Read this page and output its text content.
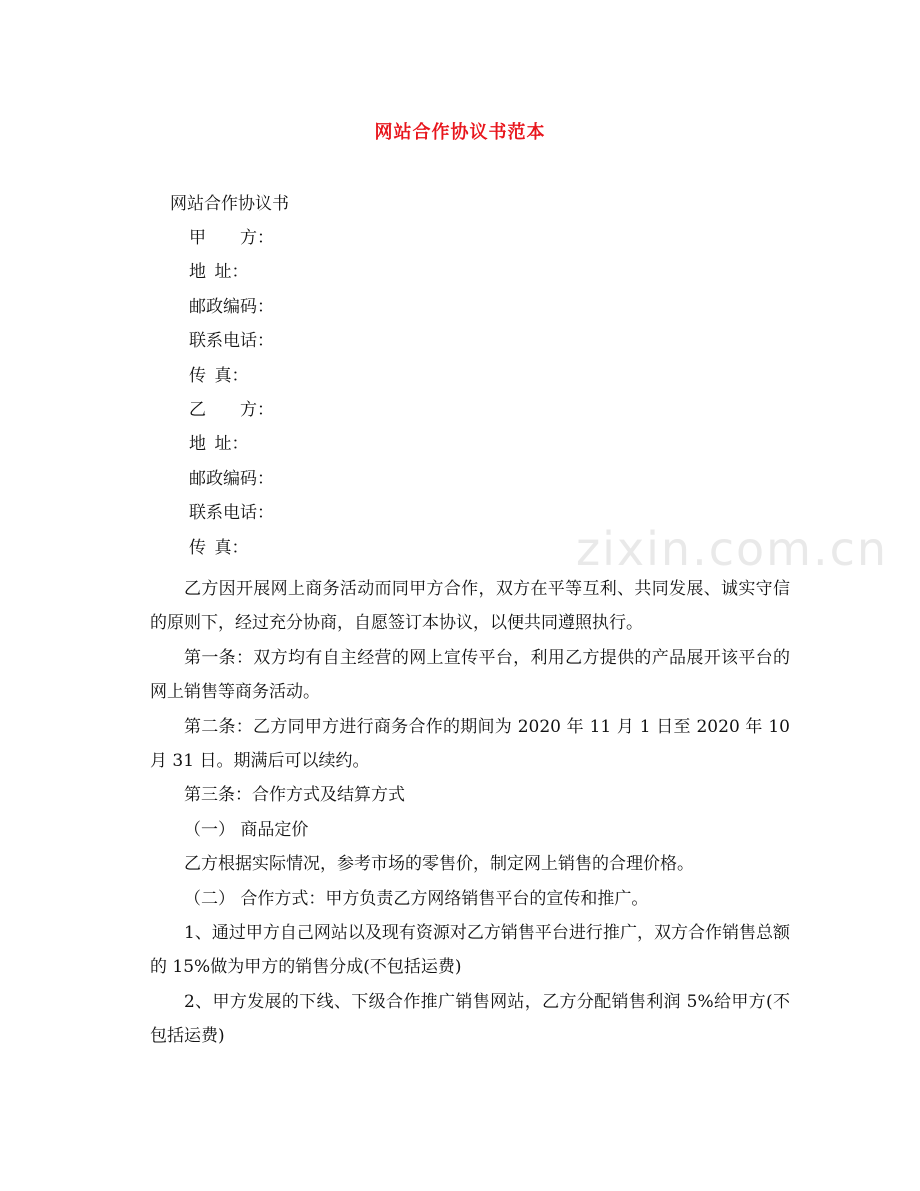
zixin.com.cn
网站合作协议书范本
网站合作协议书
甲　　方：
地 址：
邮政编码：
联系电话：
传 真：
乙　　方：
地 址：
邮政编码：
联系电话：
传 真：

乙方因开展网上商务活动而同甲方合作，双方在平等互利、共同发展、诚实守信的原则下，经过充分协商，自愿签订本协议，以便共同遵照执行。

第一条：双方均有自主经营的网上宣传平台，利用乙方提供的产品展开该平台的网上销售等商务活动。

第二条：乙方同甲方进行商务合作的期间为 2020 年 11 月 1 日至 2020 年 10 月 31 日。期满后可以续约。

第三条：合作方式及结算方式

（一） 商品定价

乙方根据实际情况，参考市场的零售价，制定网上销售的合理价格。

（二） 合作方式：甲方负责乙方网络销售平台的宣传和推广。

1、通过甲方自己网站以及现有资源对乙方销售平台进行推广，双方合作销售总额的 15%做为甲方的销售分成(不包括运费)

2、甲方发展的下线、下级合作推广销售网站，乙方分配销售利润 5%给甲方(不包括运费)
